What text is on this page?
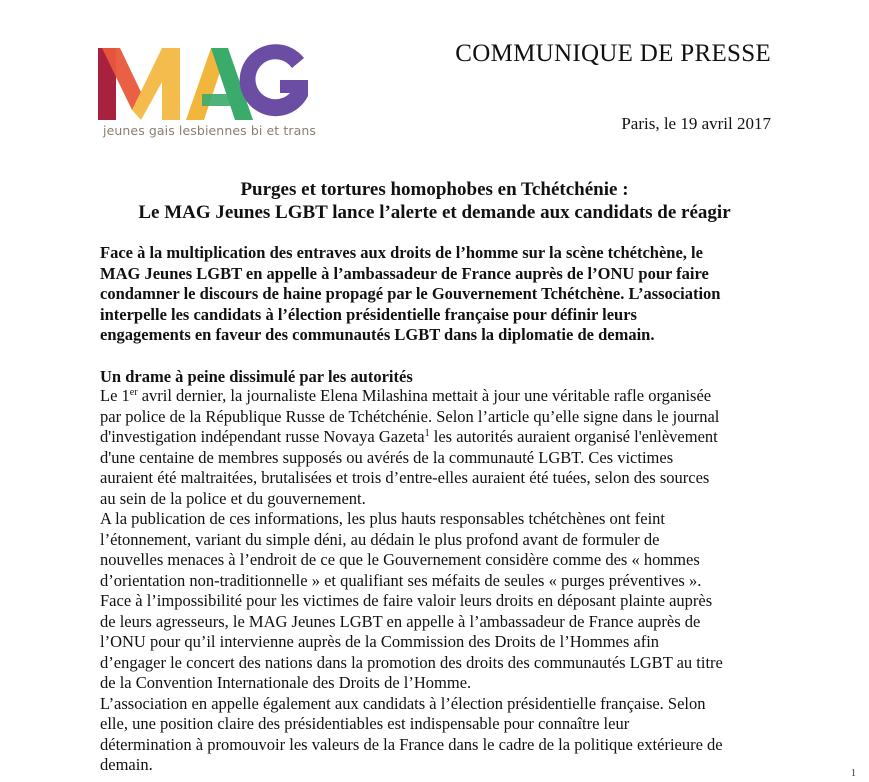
jeunes gais lesbiennes bi et trans
COMMUNIQUE DE PRESSE
Paris, le 19 avril 2017
Purges et tortures homophobes en Tchétchénie :
Le MAG Jeunes LGBT lance l’alerte et demande aux candidats de réagir
Face à la multiplication des entraves aux droits de l’homme sur la scène tchétchène, le
MAG Jeunes LGBT en appelle à l’ambassadeur de France auprès de l’ONU pour faire
condamner le discours de haine propagé par le Gouvernement Tchétchène. L’association
interpelle les candidats à l’élection présidentielle française pour définir leurs
engagements en faveur des communautés LGBT dans la diplomatie de demain.
Un drame à peine dissimulé par les autorités
Le 1er avril dernier, la journaliste Elena Milashina mettait à jour une véritable rafle organisée
par police de la République Russe de Tchétchénie. Selon l’article qu’elle signe dans le journal
d'investigation indépendant russe Novaya Gazeta$^1$ les autorités auraient organisé l'enlèvement
d'une centaine de membres supposés ou avérés de la communauté LGBT. Ces victimes
auraient été maltraitées, brutalisées et trois d’entre-elles auraient été tuées, selon des sources
au sein de la police et du gouvernement.
A la publication de ces informations, les plus hauts responsables tchétchènes ont feint
l’étonnement, variant du simple déni, au dédain le plus profond avant de formuler de
nouvelles menaces à l’endroit de ce que le Gouvernement considère comme des « hommes
d’orientation non-traditionnelle » et qualifiant ses méfaits de seules « purges préventives ».
Face à l’impossibilité pour les victimes de faire valoir leurs droits en déposant plainte auprès
de leurs agresseurs, le MAG Jeunes LGBT en appelle à l’ambassadeur de France auprès de
l’ONU pour qu’il intervienne auprès de la Commission des Droits de l’Hommes afin
d’engager le concert des nations dans la promotion des droits des communautés LGBT au titre
de la Convention Internationale des Droits de l’Homme.
L’association en appelle également aux candidats à l’élection présidentielle française. Selon
elle, une position claire des présidentiables est indispensable pour connaître leur
détermination à promouvoir les valeurs de la France dans le cadre de la politique extérieure de
demain.	1
